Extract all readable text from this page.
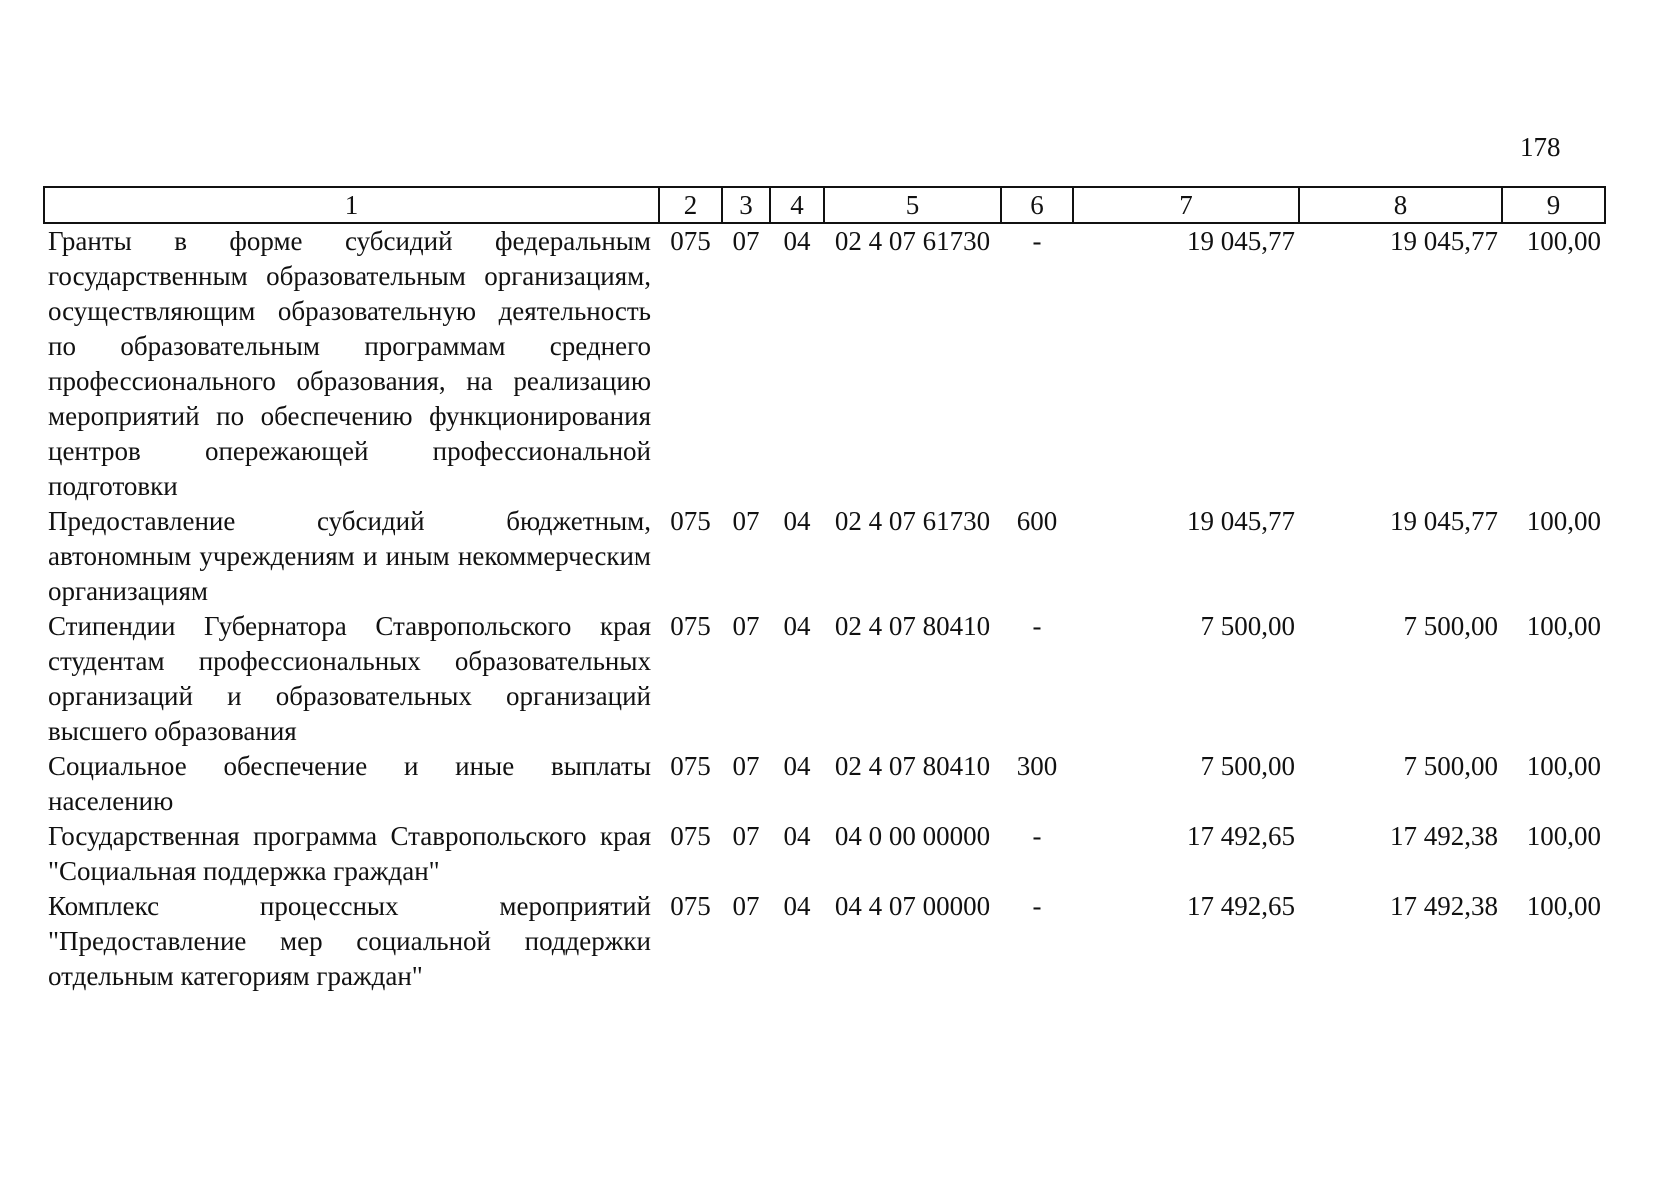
178
1	2	3	4	5	6	7	8	9
Гранты в форме субсидий федеральным государственным образовательным организациям, осуществляющим образовательную деятельность по образовательным программам среднего профессионального образования, на реализацию мероприятий по обеспечению функционирования центров опережающей профессиональной подготовки	075	07	04	02 4 07 61730	-	19 045,77	19 045,77	100,00
Предоставление субсидий бюджетным, автономным учреждениям и иным некоммерческим организациям	075	07	04	02 4 07 61730	600	19 045,77	19 045,77	100,00
Стипендии Губернатора Ставропольского края студентам профессиональных образовательных организаций и образовательных организаций высшего образования	075	07	04	02 4 07 80410	-	7 500,00	7 500,00	100,00
Социальное обеспечение и иные выплаты населению	075	07	04	02 4 07 80410	300	7 500,00	7 500,00	100,00
Государственная программа Ставропольского края "Социальная поддержка граждан"	075	07	04	04 0 00 00000	-	17 492,65	17 492,38	100,00
Комплекс процессных мероприятий "Предоставление мер социальной поддержки отдельным категориям граждан"	075	07	04	04 4 07 00000	-	17 492,65	17 492,38	100,00
